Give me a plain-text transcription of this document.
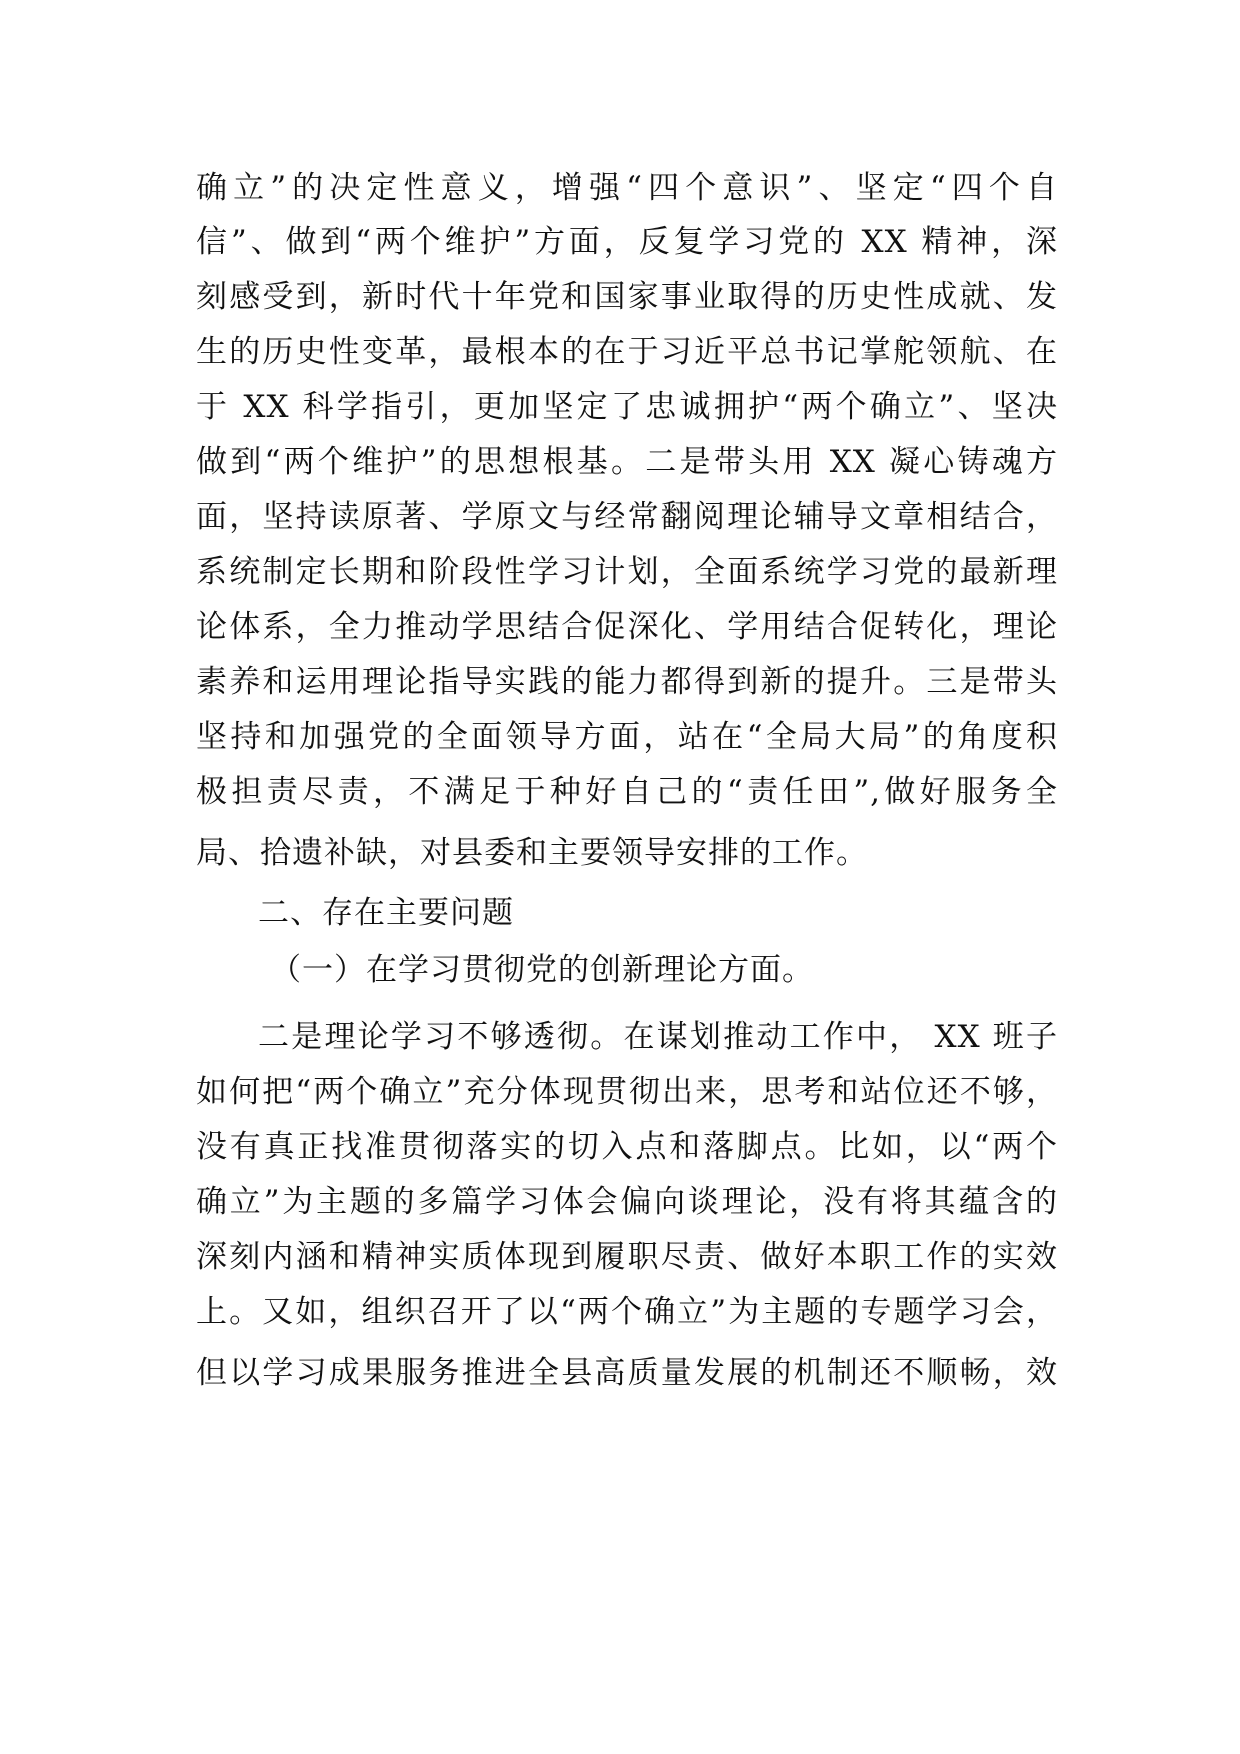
确立”的决定性意义，增强“四个意识”、坚定“四个自
信”、做到“两个维护”方面，反复学习党的 XX 精神，深
刻感受到，新时代十年党和国家事业取得的历史性成就、发
生的历史性变革，最根本的在于习近平总书记掌舵领航、在
于 XX 科学指引，更加坚定了忠诚拥护“两个确立”、坚决
做到“两个维护”的思想根基。二是带头用 XX 凝心铸魂方
面，坚持读原著、学原文与经常翻阅理论辅导文章相结合，
系统制定长期和阶段性学习计划，全面系统学习党的最新理
论体系，全力推动学思结合促深化、学用结合促转化，理论
素养和运用理论指导实践的能力都得到新的提升。三是带头
坚持和加强党的全面领导方面，站在“全局大局”的角度积
极担责尽责，不满足于种好自己的“责任田”,做好服务全
局、拾遗补缺，对县委和主要领导安排的工作。
二、存在主要问题
（一）在学习贯彻党的创新理论方面。
二是理论学习不够透彻。在谋划推动工作中， XX 班子
如何把“两个确立”充分体现贯彻出来，思考和站位还不够，
没有真正找准贯彻落实的切入点和落脚点。比如，以“两个
确立”为主题的多篇学习体会偏向谈理论，没有将其蕴含的
深刻内涵和精神实质体现到履职尽责、做好本职工作的实效
上。又如，组织召开了以“两个确立”为主题的专题学习会，
但以学习成果服务推进全县高质量发展的机制还不顺畅，效
